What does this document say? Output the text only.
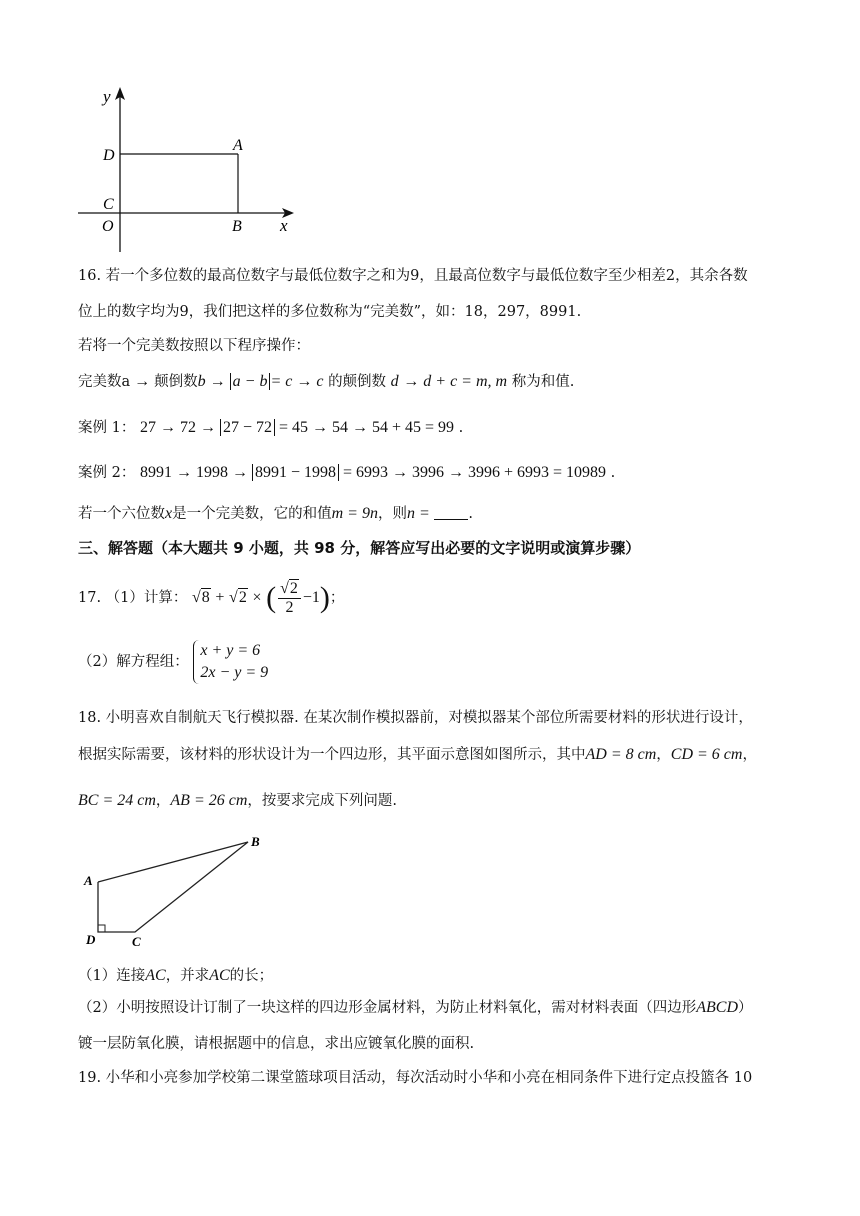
y
x
D
A
C
O	B
16. 若一个多位数的最高位数字与最低位数字之和为9，且最高位数字与最低位数字至少相差2，其余各数
位上的数字均为9，我们把这样的多位数称为“完美数”，如：18，297，8991.
若将一个完美数按照以下程序操作：
完美数a → 颠倒数b → a − b = c → c 的颠倒数 d → d + c = m, m 称为和值.
案例 1： 27 → 72 → 27 − 72 = 45 → 54 → 54 + 45 = 99 .
案例 2： 8991 → 1998 → 8991 − 1998 = 6993 → 3996 → 3996 + 6993 = 10989 .
若一个六位数x是一个完美数，它的和值m = 9n，则n =	.
三、解答题（本大题共 9 小题，共 98 分，解答应写出必要的文字说明或演算步骤）
17. （1）计算： √8 + √2 × ( $\frac{√2}{2} -1$)；
（2）解方程组：
x + y = 6
2x − y = 9
18. 小明喜欢自制航天飞行模拟器. 在某次制作模拟器前，对模拟器某个部位所需要材料的形状进行设计，
根据实际需要，该材料的形状设计为一个四边形，其平面示意图如图所示，其中AD = 8 cm，CD = 6 cm，
BC = 24 cm，AB = 26 cm，按要求完成下列问题.
A
B
C
D
（1）连接AC，并求AC的长；
（2）小明按照设计订制了一块这样的四边形金属材料，为防止材料氧化，需对材料表面（四边形ABCD）
镀一层防氧化膜，请根据题中的信息，求出应镀氧化膜的面积.
19. 小华和小亮参加学校第二课堂篮球项目活动，每次活动时小华和小亮在相同条件下进行定点投篮各 10
